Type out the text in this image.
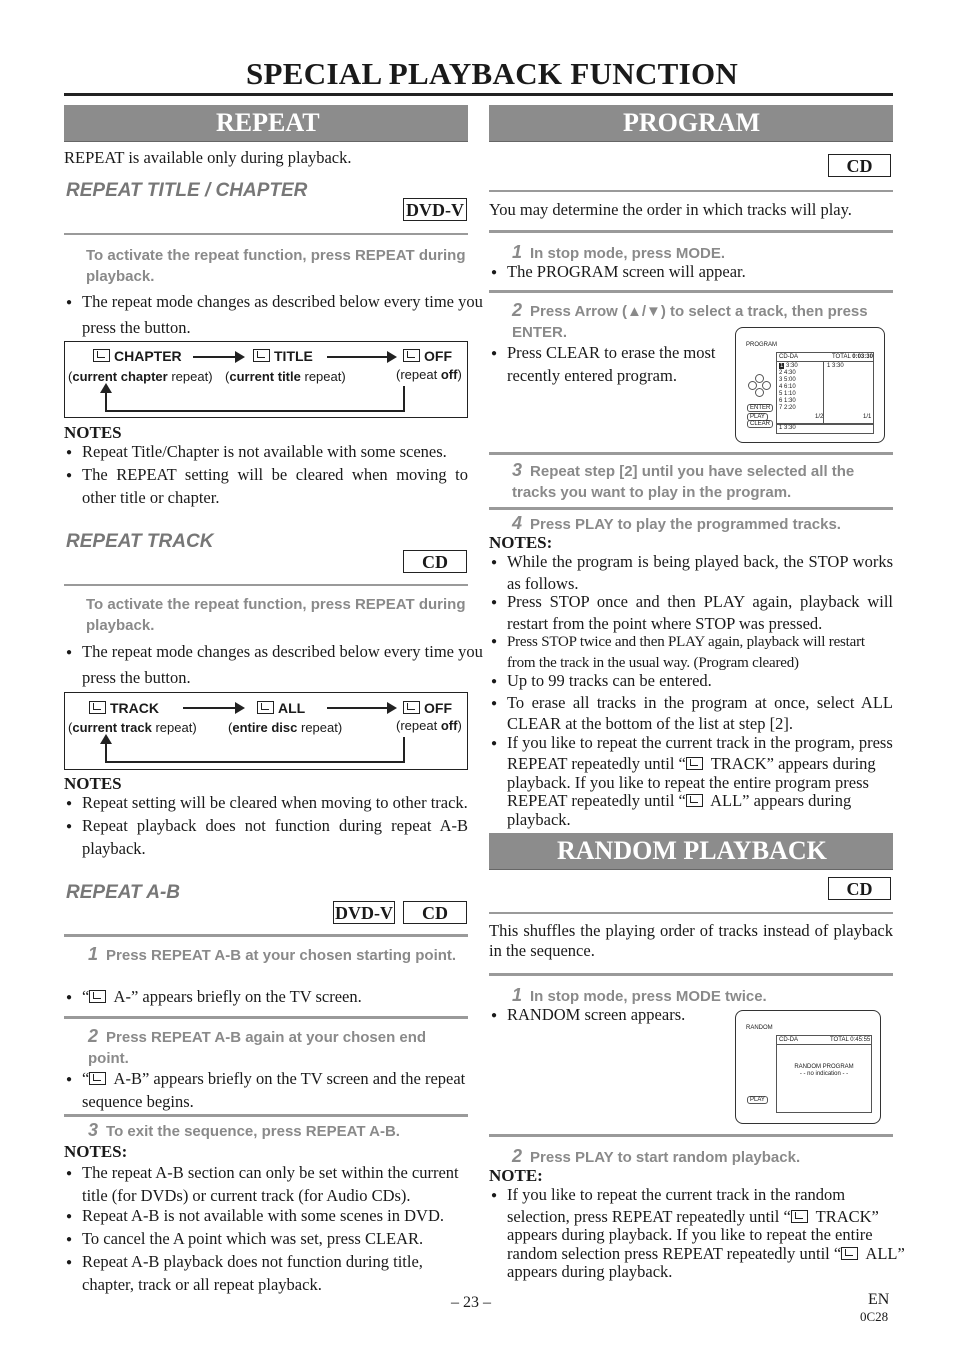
SPECIAL PLAYBACK FUNCTION
REPEAT
REPEAT is available only during playback.
REPEAT TITLE / CHAPTER
DVD-V
To activate the repeat function, press REPEAT during playback.
● The repeat mode changes as described below every time you press the button.
CHAPTER	TITLE	OFF
(current chapter repeat) (current title repeat)	(repeat off)
NOTES
● Repeat Title/Chapter is not available with some scenes.
● The REPEAT setting will be cleared when moving to other title or chapter.
REPEAT TRACK
CD
To activate the repeat function, press REPEAT during playback.
● The repeat mode changes as described below every time you press the button.
TRACK	ALL	OFF
(current track repeat) (entire disc repeat)	(repeat off)
NOTES
● Repeat setting will be cleared when moving to other track.
● Repeat playback does not function during repeat A-B playback.
REPEAT A-B
DVD-V	CD
1 Press REPEAT A-B at your chosen starting point.
● “ A-” appears briefly on the TV screen.
2 Press REPEAT A-B again at your chosen end point.
● “ A-B” appears briefly on the TV screen and the repeat sequence begins.
3 To exit the sequence, press REPEAT A-B.
NOTES:
● The repeat A-B section can only be set within the current title (for DVDs) or current track (for Audio CDs).
● Repeat A-B is not available with some scenes in DVD.
● To cancel the A point which was set, press CLEAR.
● Repeat A-B playback does not function during title, chapter, track or all repeat playback.
PROGRAM
CD
You may determine the order in which tracks will play.
1 In stop mode, press MODE.
● The PROGRAM screen will appear.
2 Press Arrow (▲/▼) to select a track, then press ENTER.
● Press CLEAR to erase the most recently entered program.
PROGRAM
CD-DA	TOTAL 0:03:30
1 3:30
2 4:30
3 5:00
4 6:10
5 1:10
6 1:30
7 2:20
1 3:30
1/2	1/1
ENTER
PLAY
CLEAR
1 3:30
3 Repeat step [2] until you have selected all the tracks you want to play in the program.
4 Press PLAY to play the programmed tracks.
NOTES:
● While the program is being played back, the STOP works as follows.
● Press STOP once and then PLAY again, playback will restart from the point where STOP was pressed.
● Press STOP twice and then PLAY again, playback will restart from the track in the usual way. (Program cleared)
● Up to 99 tracks can be entered.
● To erase all tracks in the program at once, select ALL CLEAR at the bottom of the list at step [2].
● If you like to repeat the current track in the program, press REPEAT repeatedly until “ TRACK” appears during playback. If you like to repeat the entire program press REPEAT repeatedly until “ ALL” appears during playback.
RANDOM PLAYBACK
CD
This shuffles the playing order of tracks instead of playback in the sequence.
1 In stop mode, press MODE twice.
● RANDOM screen appears.
RANDOM
CD-DA	TOTAL 0:45:55
RANDOM PROGRAM
- - no indication - -
PLAY
2 Press PLAY to start random playback.
NOTE:
● If you like to repeat the current track in the random selection, press REPEAT repeatedly until “ TRACK” appears during playback. If you like to repeat the entire random selection press REPEAT repeatedly until “ ALL” appears during playback.
– 23 –	EN
0C28
